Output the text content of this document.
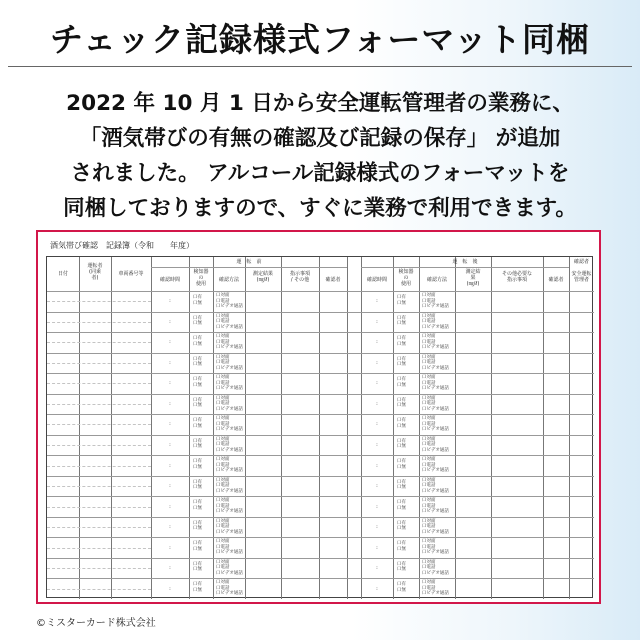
チェック記録様式フォーマット同梱
2022 年 10 月 1 日から安全運転管理者の業務に、
「酒気帯びの有無の確認及び記録の保存」 が追加
されました。 アルコール記録様式のフォーマットを
同梱しておりますので、すぐに業務で利用できます。
酒気帯び確認　記録簿（令和　　年度）
日付
運転者
(同乗
者)
車両番号等
運　転　前
確認時間
検知器
の
使用
確認方法
測定結果
(㎎/ℓ)
指示事項
/ その他	確認者
運　転　後
確認時間
検知器
の
使用
確認方法
測定結
果
(㎎/ℓ)
その他必要な
指示事項	確認者
確認者
安全運転
管理者
:
口有
口無
口対面
口電話
口ビデオ通話
:
口有
口無
口対面
口電話
口ビデオ通話
:
口有
口無
口対面
口電話
口ビデオ通話
:
口有
口無
口対面
口電話
口ビデオ通話
:
口有
口無
口対面
口電話
口ビデオ通話
:
口有
口無
口対面
口電話
口ビデオ通話
:
口有
口無
口対面
口電話
口ビデオ通話
:
口有
口無
口対面
口電話
口ビデオ通話
:
口有
口無
口対面
口電話
口ビデオ通話
:
口有
口無
口対面
口電話
口ビデオ通話
:
口有
口無
口対面
口電話
口ビデオ通話
:
口有
口無
口対面
口電話
口ビデオ通話
:
口有
口無
口対面
口電話
口ビデオ通話
:
口有
口無
口対面
口電話
口ビデオ通話
:
口有
口無
口対面
口電話
口ビデオ通話
:
口有
口無
口対面
口電話
口ビデオ通話
:
口有
口無
口対面
口電話
口ビデオ通話
:
口有
口無
口対面
口電話
口ビデオ通話
:
口有
口無
口対面
口電話
口ビデオ通話
:
口有
口無
口対面
口電話
口ビデオ通話
:
口有
口無
口対面
口電話
口ビデオ通話
:
口有
口無
口対面
口電話
口ビデオ通話
:
口有
口無
口対面
口電話
口ビデオ通話
:
口有
口無
口対面
口電話
口ビデオ通話
:
口有
口無
口対面
口電話
口ビデオ通話
:
口有
口無
口対面
口電話
口ビデオ通話
:
口有
口無
口対面
口電話
口ビデオ通話
:
口有
口無
口対面
口電話
口ビデオ通話
:
口有
口無
口対面
口電話
口ビデオ通話
:
口有
口無
口対面
口電話
口ビデオ通話
©ミスターカード株式会社
